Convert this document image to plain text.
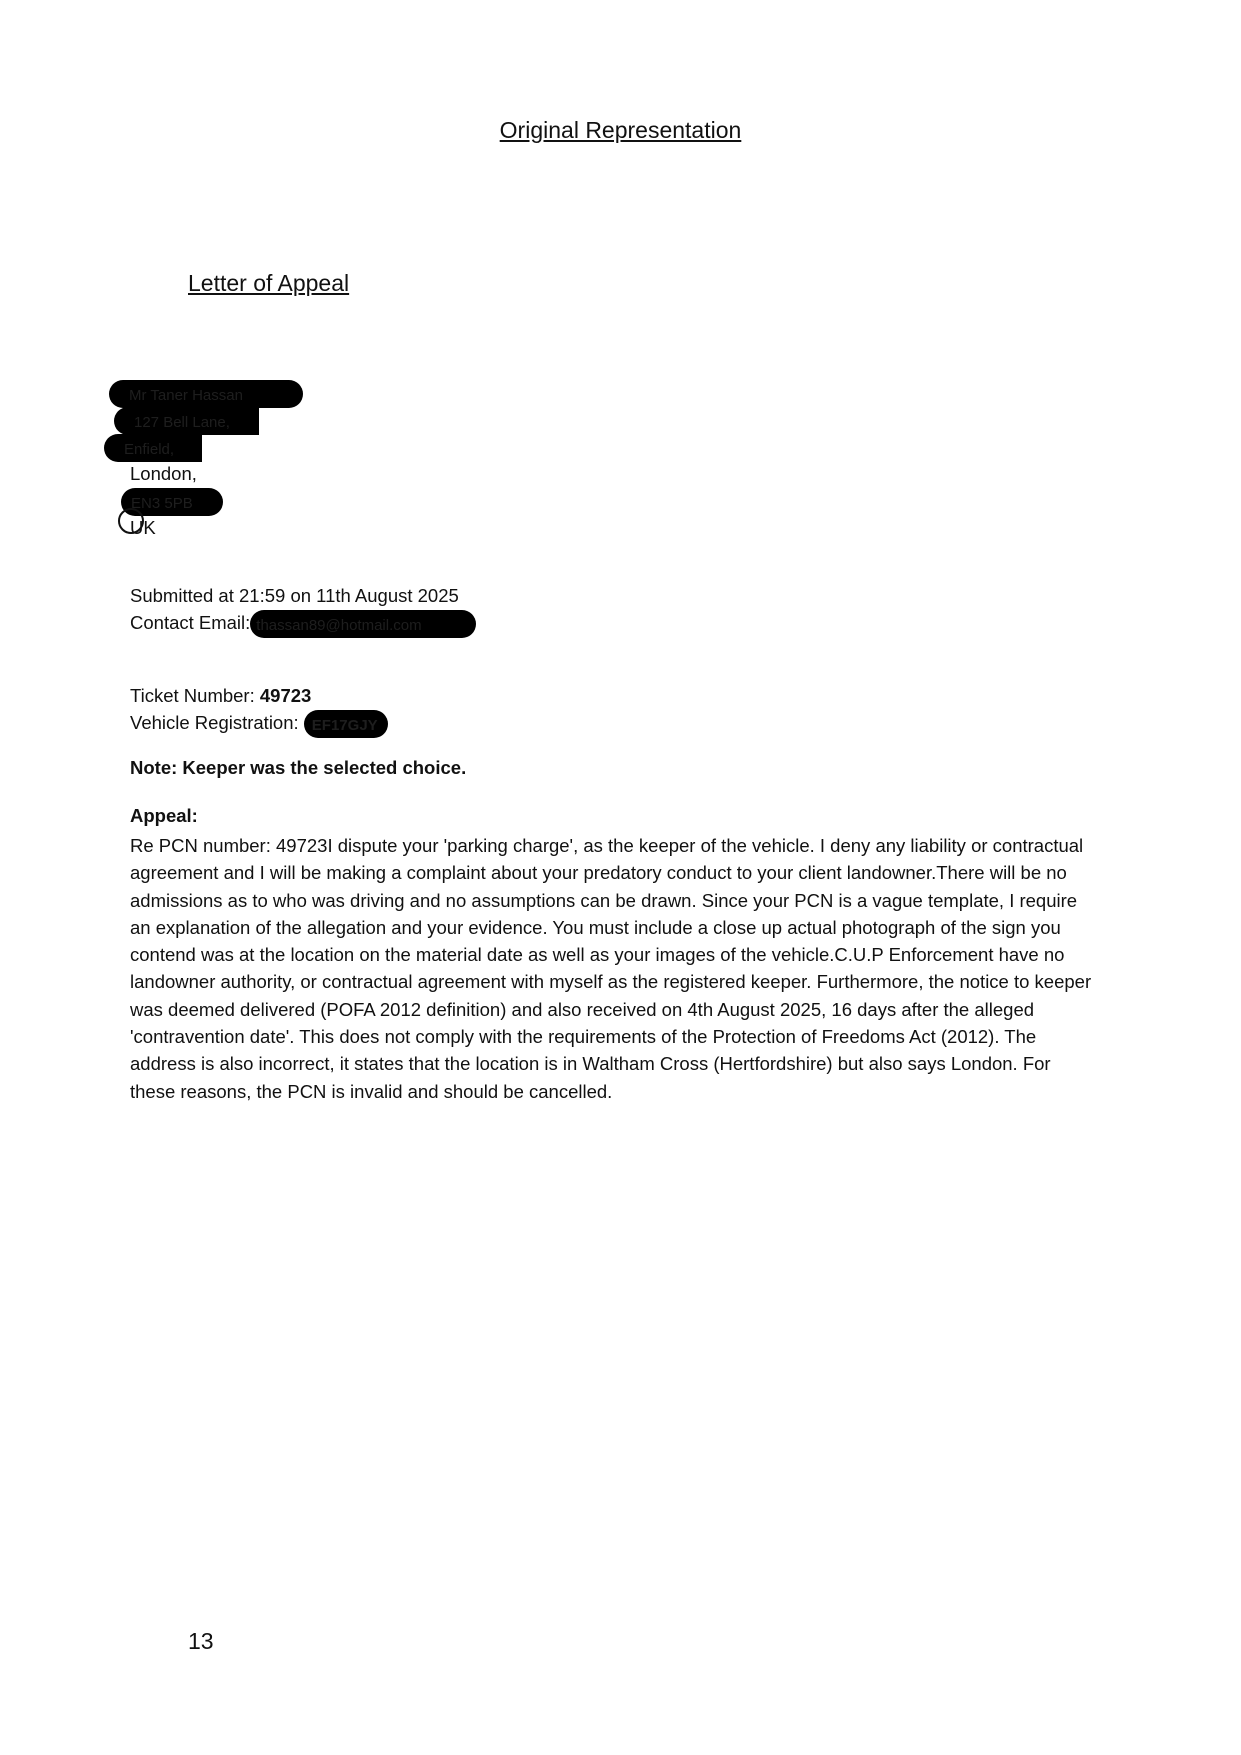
Original Representation
Letter of Appeal
Mr Taner Hassan
127 Bell Lane,
Enfield,
London,
EN3 5PB
UK
Submitted at 21:59 on 11th August 2025
Contact Email: thassan89@hotmail.com
Ticket Number: 49723
Vehicle Registration: EF17GJY
Note: Keeper was the selected choice.
Appeal:
Re PCN number: 49723I dispute your 'parking charge', as the keeper of the vehicle. I deny any liability or contractual
agreement and I will be making a complaint about your predatory conduct to your client landowner.There will be no
admissions as to who was driving and no assumptions can be drawn. Since your PCN is a vague template, I require
an explanation of the allegation and your evidence. You must include a close up actual photograph of the sign you
contend was at the location on the material date as well as your images of the vehicle.C.U.P Enforcement have no
landowner authority, or contractual agreement with myself as the registered keeper. Furthermore, the notice to keeper
was deemed delivered (POFA 2012 definition) and also received on 4th August 2025, 16 days after the alleged
'contravention date'. This does not comply with the requirements of the Protection of Freedoms Act (2012). The
address is also incorrect, it states that the location is in Waltham Cross (Hertfordshire) but also says London. For
these reasons, the PCN is invalid and should be cancelled.
13
